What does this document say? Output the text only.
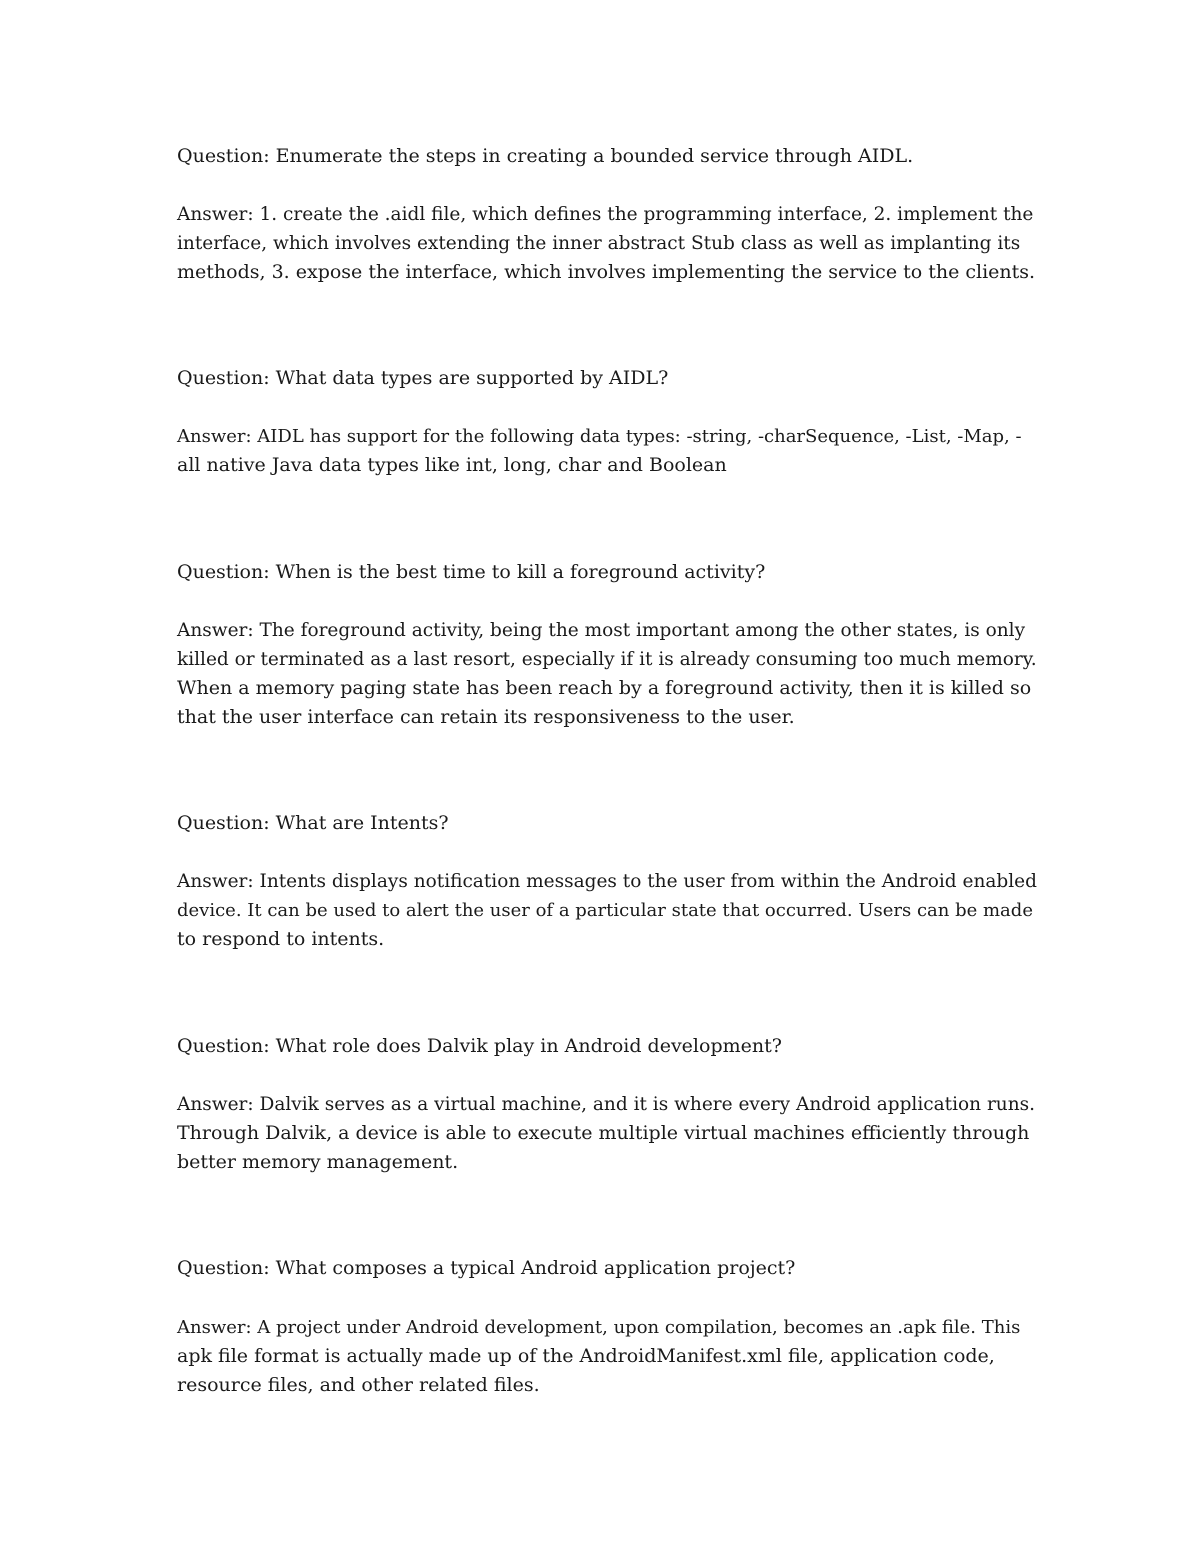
Question: Enumerate the steps in creating a bounded service through AIDL.

Answer: 1. create the .aidl file, which defines the programming interface, 2. implement the
interface, which involves extending the inner abstract Stub class as well as implanting its
methods, 3. expose the interface, which involves implementing the service to the clients.

Question: What data types are supported by AIDL?

Answer: AIDL has support for the following data types: -string, -charSequence, -List, -Map, -
all native Java data types like int, long, char and Boolean

Question: When is the best time to kill a foreground activity?

Answer: The foreground activity, being the most important among the other states, is only
killed or terminated as a last resort, especially if it is already consuming too much memory.
When a memory paging state has been reach by a foreground activity, then it is killed so
that the user interface can retain its responsiveness to the user.

Question: What are Intents?

Answer: Intents displays notification messages to the user from within the Android enabled
device. It can be used to alert the user of a particular state that occurred. Users can be made
to respond to intents.

Question: What role does Dalvik play in Android development?

Answer: Dalvik serves as a virtual machine, and it is where every Android application runs.
Through Dalvik, a device is able to execute multiple virtual machines efficiently through
better memory management.

Question: What composes a typical Android application project?

Answer: A project under Android development, upon compilation, becomes an .apk file. This
apk file format is actually made up of the AndroidManifest.xml file, application code,
resource files, and other related files.
